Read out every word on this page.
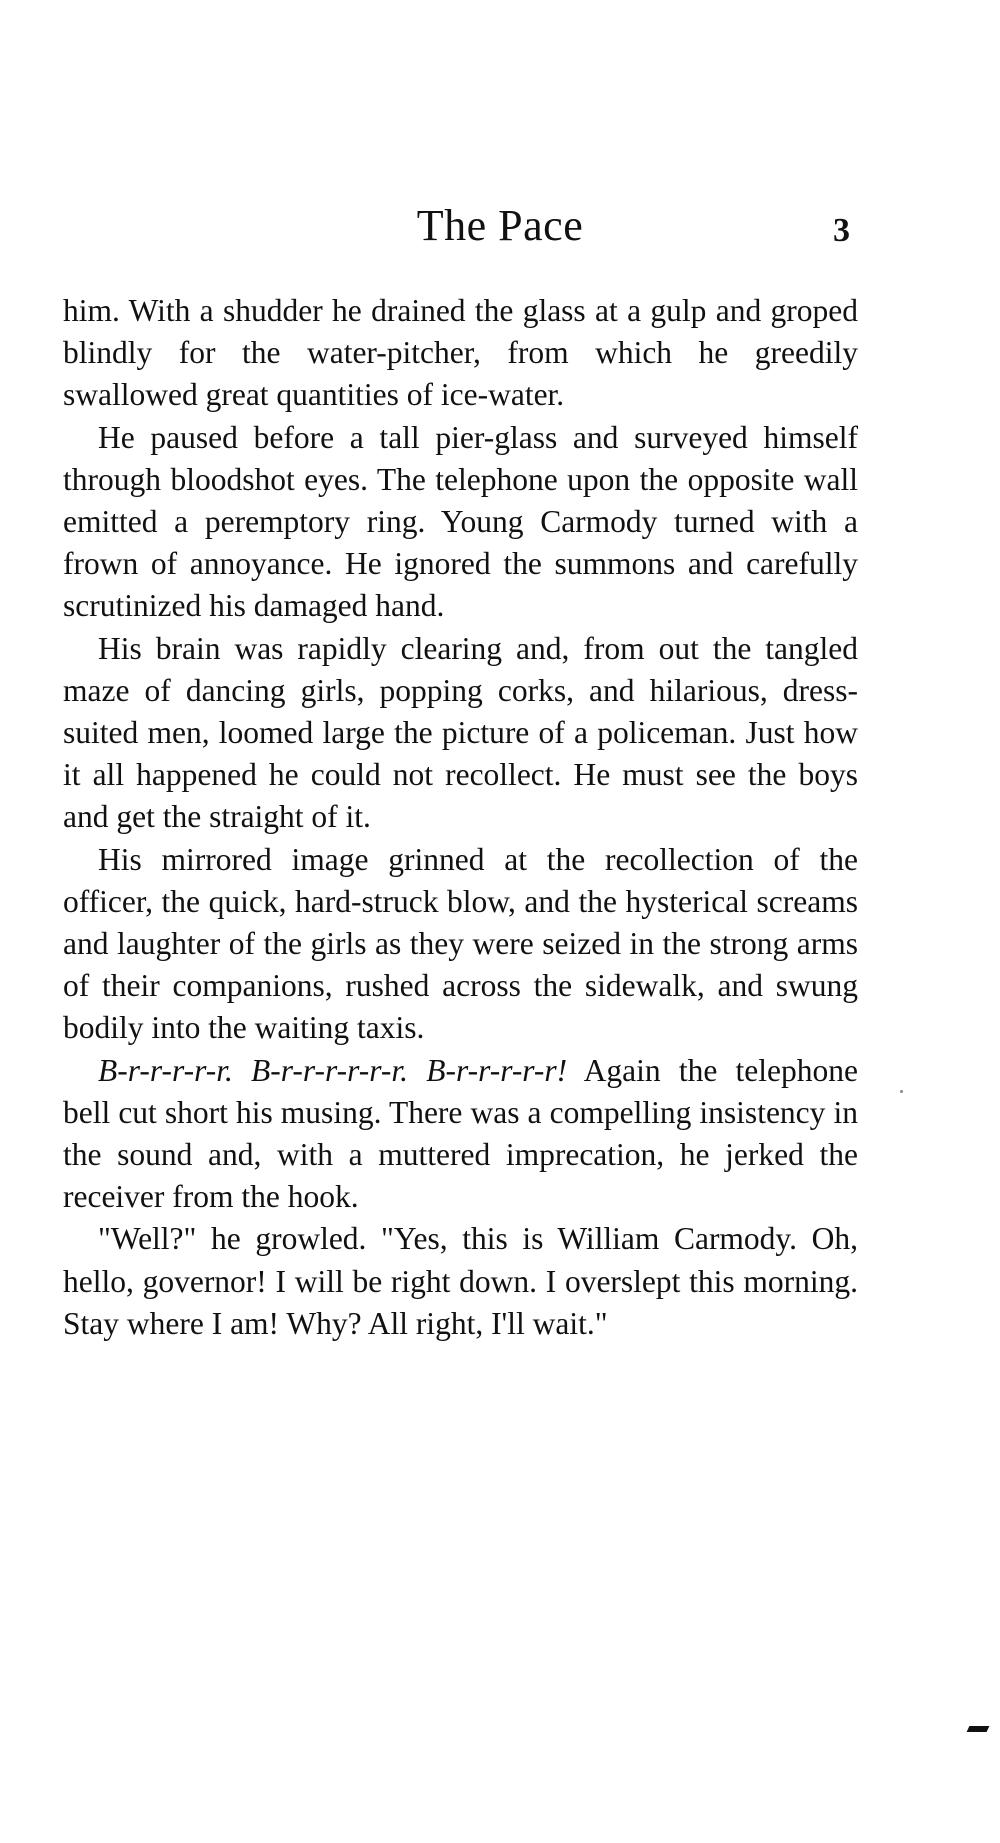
The Pace	3

him. With a shudder he drained the glass at a gulp and groped blindly for the water-pitcher, from which he greedily swallowed great quantities of ice-water.

He paused before a tall pier-glass and surveyed himself through bloodshot eyes. The telephone upon the opposite wall emitted a peremptory ring. Young Carmody turned with a frown of annoyance. He ignored the summons and carefully scrutinized his damaged hand.

His brain was rapidly clearing and, from out the tangled maze of dancing girls, popping corks, and hilarious, dress-suited men, loomed large the picture of a policeman. Just how it all happened he could not recollect. He must see the boys and get the straight of it.

His mirrored image grinned at the recollection of the officer, the quick, hard-struck blow, and the hysterical screams and laughter of the girls as they were seized in the strong arms of their companions, rushed across the sidewalk, and swung bodily into the waiting taxis.

B-r-r-r-r-r. B-r-r-r-r-r-r. B-r-r-r-r-r! Again the telephone bell cut short his musing. There was a compelling insistency in the sound and, with a muttered imprecation, he jerked the receiver from the hook.

"Well?" he growled. "Yes, this is William Carmody. Oh, hello, governor! I will be right down. I overslept this morning. Stay where I am! Why? All right, I'll wait."
